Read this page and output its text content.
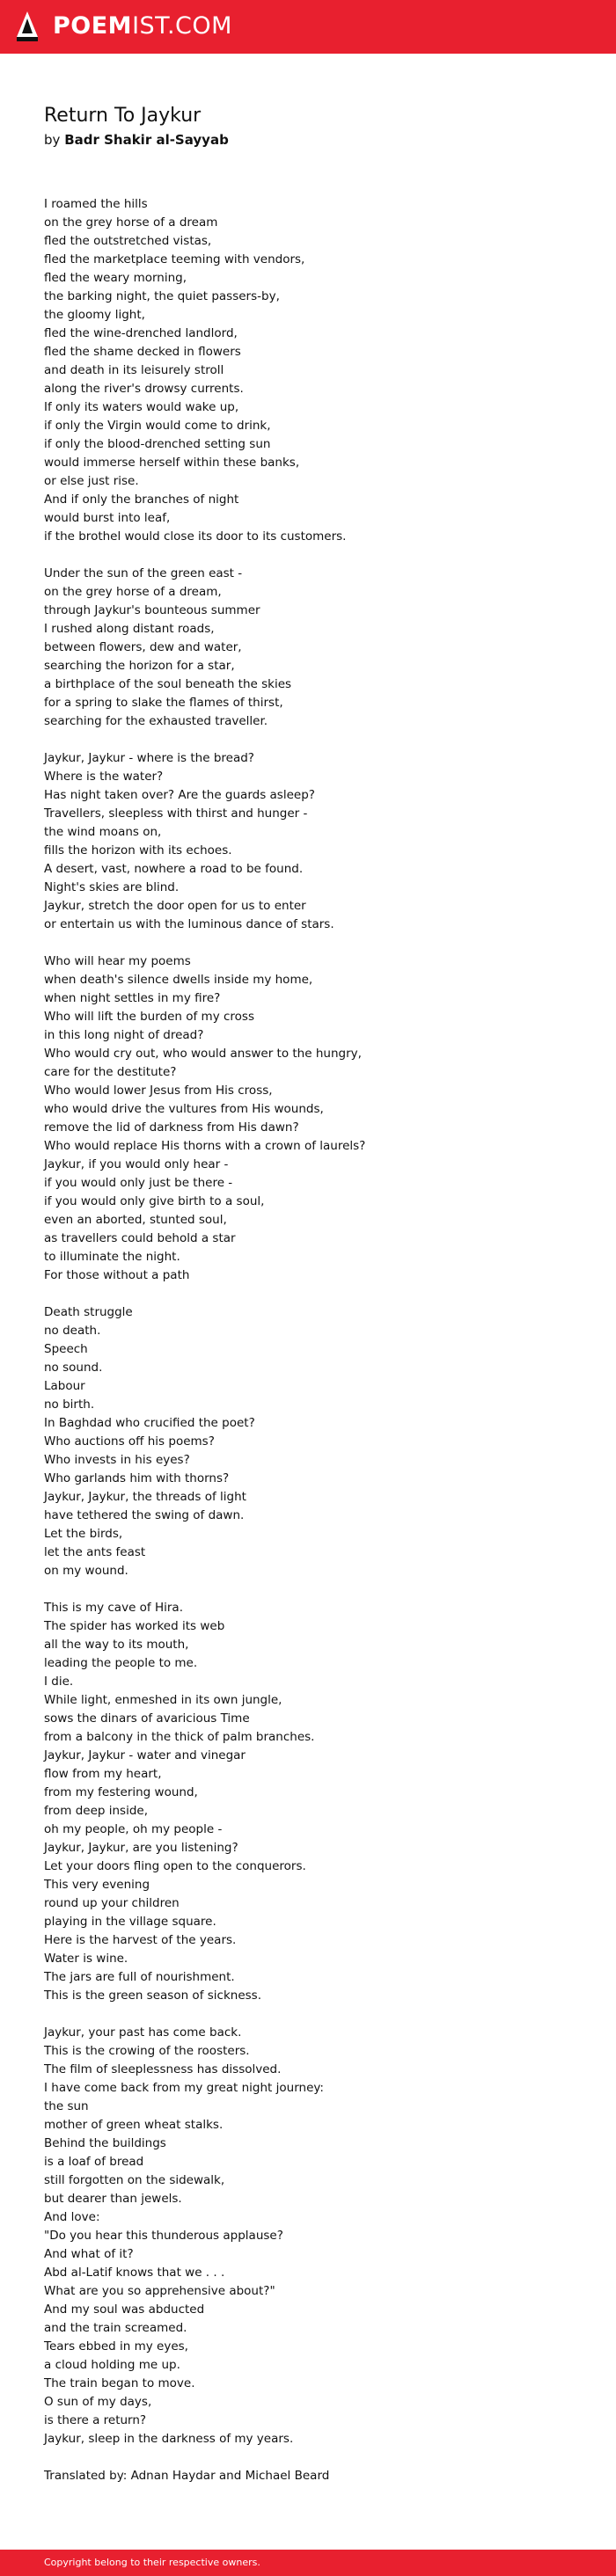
POEMIST.COM
Return To Jaykur
by Badr Shakir al-Sayyab
I roamed the hills
on the grey horse of a dream
fled the outstretched vistas,
fled the marketplace teeming with vendors,
fled the weary morning,
the barking night, the quiet passers-by,
the gloomy light,
fled the wine-drenched landlord,
fled the shame decked in flowers
and death in its leisurely stroll
along the river's drowsy currents.
If only its waters would wake up,
if only the Virgin would come to drink,
if only the blood-drenched setting sun
would immerse herself within these banks,
or else just rise.
And if only the branches of night
would burst into leaf,
if the brothel would close its door to its customers.
Under the sun of the green east -
on the grey horse of a dream,
through Jaykur's bounteous summer
I rushed along distant roads,
between flowers, dew and water,
searching the horizon for a star,
a birthplace of the soul beneath the skies
for a spring to slake the flames of thirst,
searching for the exhausted traveller.
Jaykur, Jaykur - where is the bread?
Where is the water?
Has night taken over? Are the guards asleep?
Travellers, sleepless with thirst and hunger -
the wind moans on,
fills the horizon with its echoes.
A desert, vast, nowhere a road to be found.
Night's skies are blind.
Jaykur, stretch the door open for us to enter
or entertain us with the luminous dance of stars.
Who will hear my poems
when death's silence dwells inside my home,
when night settles in my fire?
Who will lift the burden of my cross
in this long night of dread?
Who would cry out, who would answer to the hungry,
care for the destitute?
Who would lower Jesus from His cross,
who would drive the vultures from His wounds,
remove the lid of darkness from His dawn?
Who would replace His thorns with a crown of laurels?
Jaykur, if you would only hear -
if you would only just be there -
if you would only give birth to a soul,
even an aborted, stunted soul,
as travellers could behold a star
to illuminate the night.
For those without a path
Death struggle
no death.
Speech
no sound.
Labour
no birth.
In Baghdad who crucified the poet?
Who auctions off his poems?
Who invests in his eyes?
Who garlands him with thorns?
Jaykur, Jaykur, the threads of light
have tethered the swing of dawn.
Let the birds,
let the ants feast
on my wound.
This is my cave of Hira.
The spider has worked its web
all the way to its mouth,
leading the people to me.
I die.
While light, enmeshed in its own jungle,
sows the dinars of avaricious Time
from a balcony in the thick of palm branches.
Jaykur, Jaykur - water and vinegar
flow from my heart,
from my festering wound,
from deep inside,
oh my people, oh my people -
Jaykur, Jaykur, are you listening?
Let your doors fling open to the conquerors.
This very evening
round up your children
playing in the village square.
Here is the harvest of the years.
Water is wine.
The jars are full of nourishment.
This is the green season of sickness.
Jaykur, your past has come back.
This is the crowing of the roosters.
The film of sleeplessness has dissolved.
I have come back from my great night journey:
the sun
mother of green wheat stalks.
Behind the buildings
is a loaf of bread
still forgotten on the sidewalk,
but dearer than jewels.
And love:
"Do you hear this thunderous applause?
And what of it?
Abd al-Latif knows that we . . .
What are you so apprehensive about?"
And my soul was abducted
and the train screamed.
Tears ebbed in my eyes,
a cloud holding me up.
The train began to move.
O sun of my days,
is there a return?
Jaykur, sleep in the darkness of my years.
Translated by: Adnan Haydar and Michael Beard
Copyright belong to their respective owners.
